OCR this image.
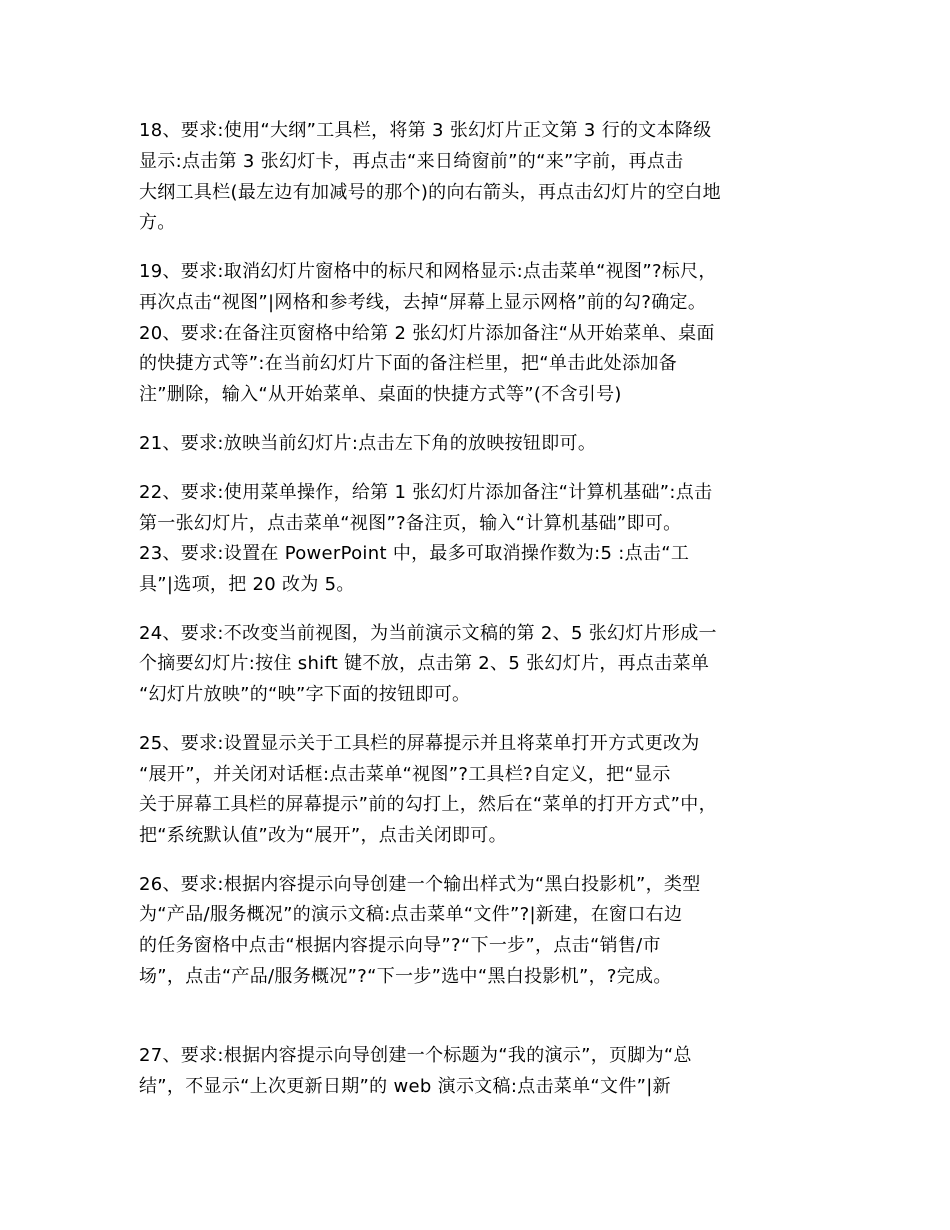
18、要求:使用“大纲”工具栏，将第 3 张幻灯片正文第 3 行的文本降级
显示:点击第 3 张幻灯卡，再点击“来日绮窗前”的“来”字前，再点击
大纲工具栏(最左边有加减号的那个)的向右箭头，再点击幻灯片的空白地
方。
19、要求:取消幻灯片窗格中的标尺和网格显示:点击菜单“视图”?标尺，
再次点击“视图”|网格和参考线，去掉“屏幕上显示网格”前的勾?确定。
20、要求:在备注页窗格中给第 2 张幻灯片添加备注“从开始菜单、桌面
的快捷方式等”:在当前幻灯片下面的备注栏里，把“单击此处添加备
注”删除，输入“从开始菜单、桌面的快捷方式等”(不含引号)
21、要求:放映当前幻灯片:点击左下角的放映按钮即可。
22、要求:使用菜单操作，给第 1 张幻灯片添加备注“计算机基础”:点击
第一张幻灯片，点击菜单“视图”?备注页，输入“计算机基础”即可。
23、要求:设置在 PowerPoint 中，最多可取消操作数为:5 :点击“工
具”|选项，把 20 改为 5。
24、要求:不改变当前视图，为当前演示文稿的第 2、5 张幻灯片形成一
个摘要幻灯片:按住 shift 键不放，点击第 2、5 张幻灯片，再点击菜单
“幻灯片放映”的“映”字下面的按钮即可。
25、要求:设置显示关于工具栏的屏幕提示并且将菜单打开方式更改为
“展开”，并关闭对话框:点击菜单“视图”?工具栏?自定义，把“显示
关于屏幕工具栏的屏幕提示”前的勾打上，然后在“菜单的打开方式”中，
把“系统默认值”改为“展开”，点击关闭即可。
26、要求:根据内容提示向导创建一个输出样式为“黑白投影机”，类型
为“产品/服务概况”的演示文稿:点击菜单“文件”?|新建，在窗口右边
的任务窗格中点击“根据内容提示向导”?“下一步”，点击“销售/市
场”，点击“产品/服务概况”?“下一步”选中“黑白投影机”，?完成。
27、要求:根据内容提示向导创建一个标题为“我的演示”，页脚为“总
结”，不显示“上次更新日期”的 web 演示文稿:点击菜单“文件”|新
